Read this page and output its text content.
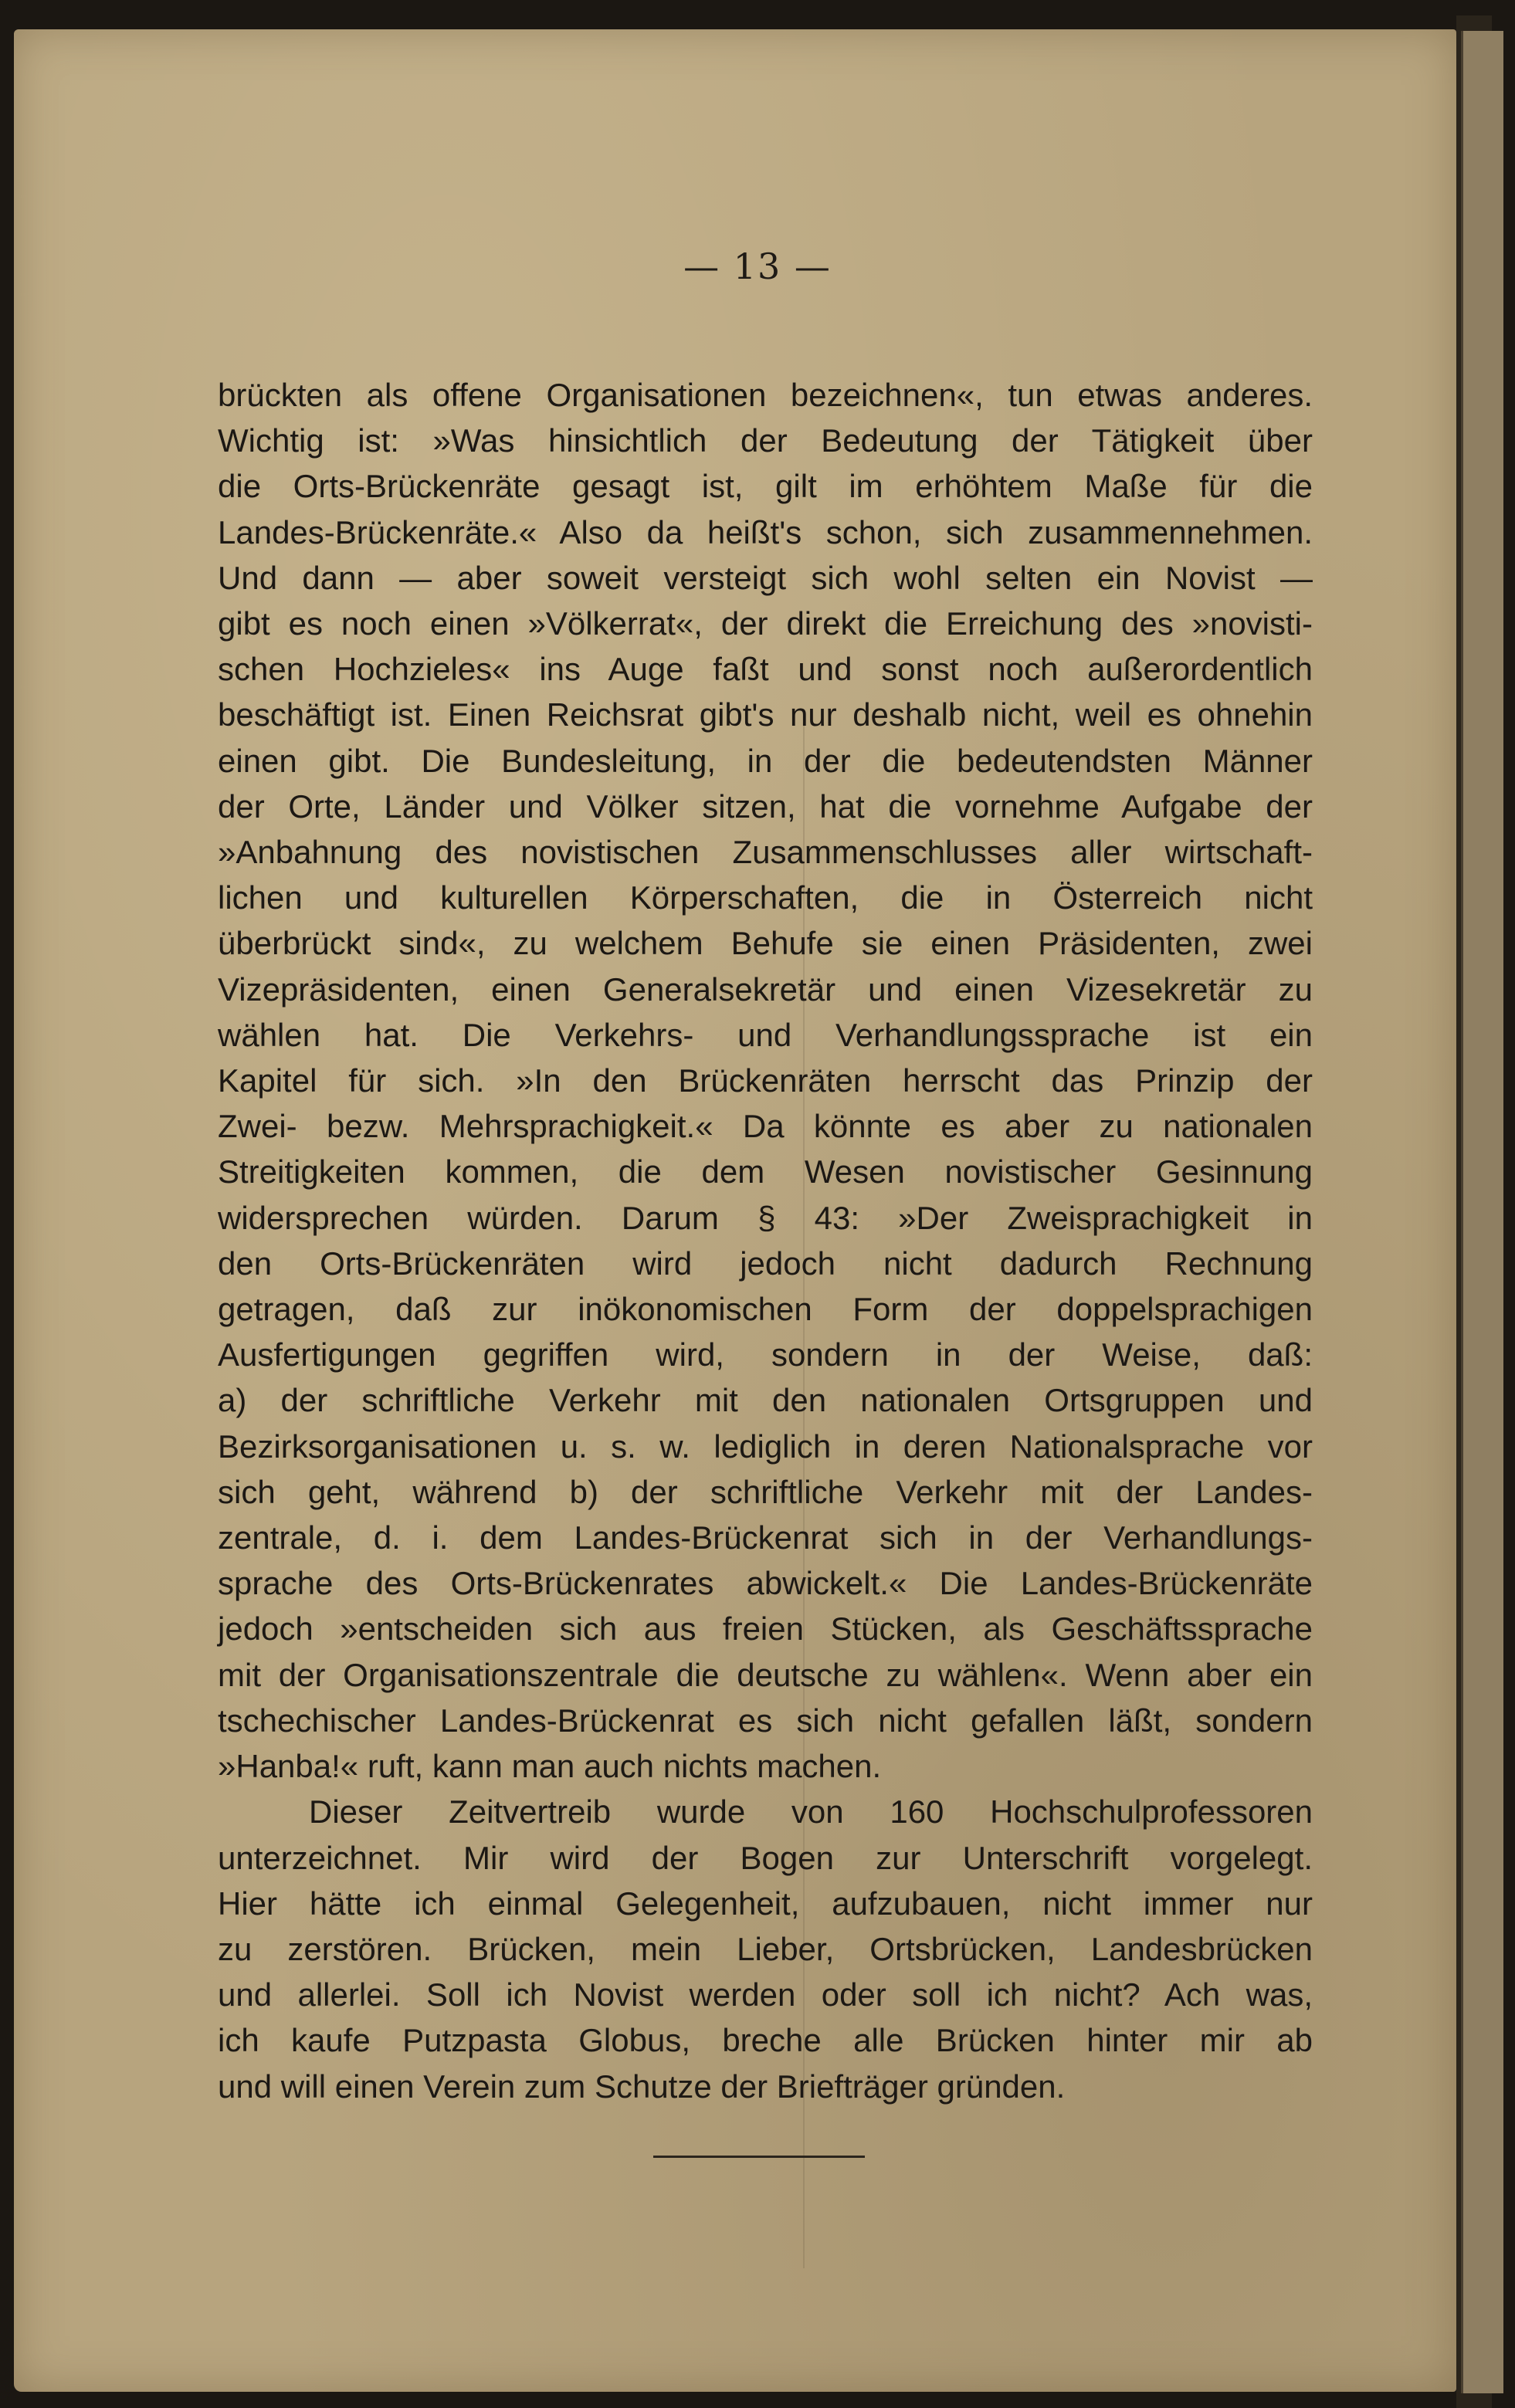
— 13 —
brückten als offene Organisationen bezeichnen«, tun etwas anderes.
Wichtig ist: »Was hinsichtlich der Bedeutung der Tätigkeit über
die Orts-Brückenräte gesagt ist, gilt im erhöhtem Maße für die
Landes-Brückenräte.« Also da heißt's schon, sich zusammennehmen.
Und dann — aber soweit versteigt sich wohl selten ein Novist —
gibt es noch einen »Völkerrat«, der direkt die Erreichung des »novisti-
schen Hochzieles« ins Auge faßt und sonst noch außerordentlich
beschäftigt ist. Einen Reichsrat gibt's nur deshalb nicht, weil es ohnehin
einen gibt. Die Bundesleitung, in der die bedeutendsten Männer
der Orte, Länder und Völker sitzen, hat die vornehme Aufgabe der
»Anbahnung des novistischen Zusammenschlusses aller wirtschaft-
lichen und kulturellen Körperschaften, die in Österreich nicht
überbrückt sind«, zu welchem Behufe sie einen Präsidenten, zwei
Vizepräsidenten, einen Generalsekretär und einen Vizesekretär zu
wählen hat. Die Verkehrs- und Verhandlungssprache ist ein
Kapitel für sich. »In den Brückenräten herrscht das Prinzip der
Zwei- bezw. Mehrsprachigkeit.« Da könnte es aber zu nationalen
Streitigkeiten kommen, die dem Wesen novistischer Gesinnung
widersprechen würden. Darum § 43: »Der Zweisprachigkeit in
den Orts-Brückenräten wird jedoch nicht dadurch Rechnung
getragen, daß zur inökonomischen Form der doppelsprachigen
Ausfertigungen gegriffen wird, sondern in der Weise, daß:
a) der schriftliche Verkehr mit den nationalen Ortsgruppen und
Bezirksorganisationen u. s. w. lediglich in deren Nationalsprache vor
sich geht, während b) der schriftliche Verkehr mit der Landes-
zentrale, d. i. dem Landes-Brückenrat sich in der Verhandlungs-
sprache des Orts-Brückenrates abwickelt.« Die Landes-Brückenräte
jedoch »entscheiden sich aus freien Stücken, als Geschäftssprache
mit der Organisationszentrale die deutsche zu wählen«. Wenn aber ein
tschechischer Landes-Brückenrat es sich nicht gefallen läßt, sondern
»Hanba!« ruft, kann man auch nichts machen.
Dieser Zeitvertreib wurde von 160 Hochschulprofessoren
unterzeichnet. Mir wird der Bogen zur Unterschrift vorgelegt.
Hier hätte ich einmal Gelegenheit, aufzubauen, nicht immer nur
zu zerstören. Brücken, mein Lieber, Ortsbrücken, Landesbrücken
und allerlei. Soll ich Novist werden oder soll ich nicht? Ach was,
ich kaufe Putzpasta Globus, breche alle Brücken hinter mir ab
und will einen Verein zum Schutze der Briefträger gründen.
